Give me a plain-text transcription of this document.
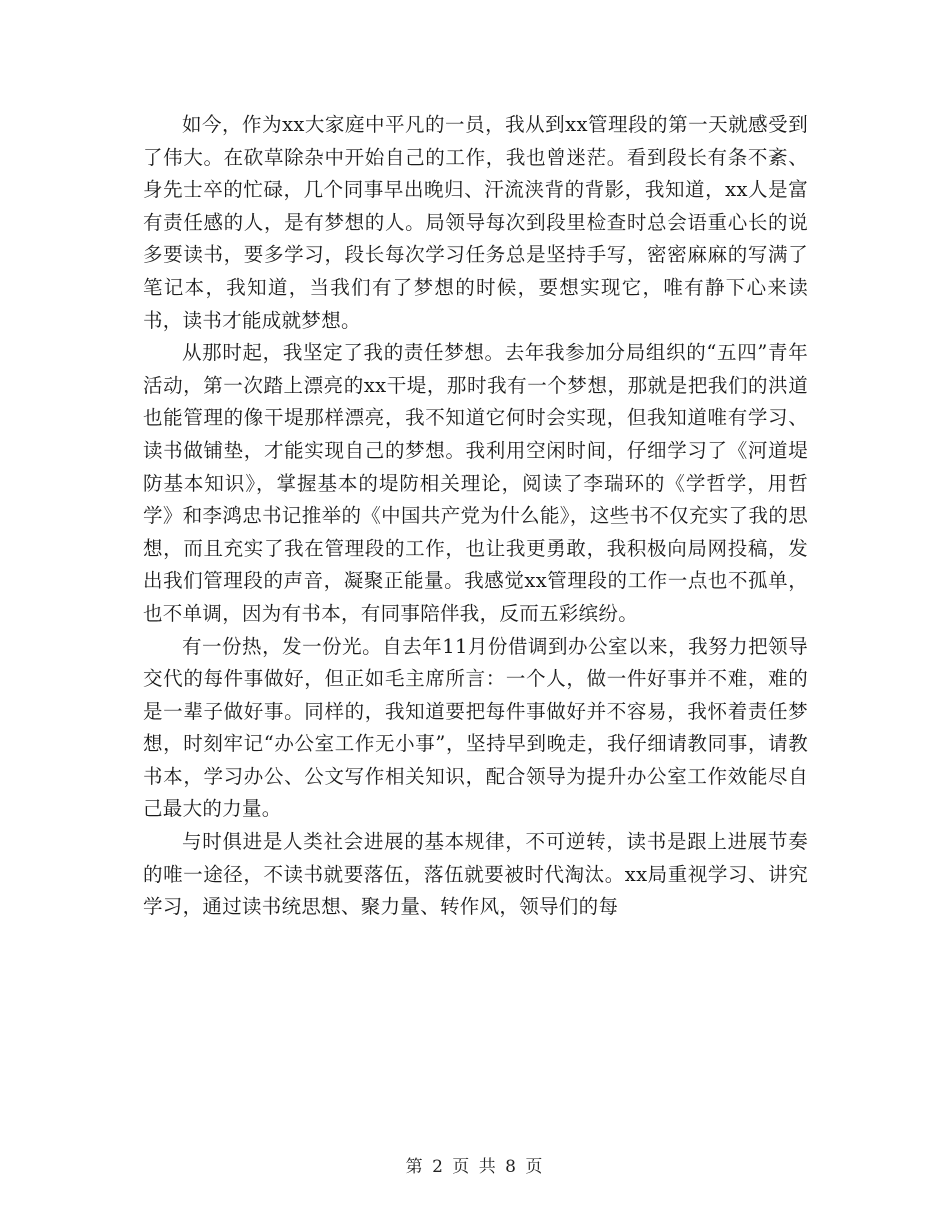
如今，作为xx大家庭中平凡的一员，我从到xx管理段的第一天就感受到了伟大。在砍草除杂中开始自己的工作，我也曾迷茫。看到段长有条不紊、身先士卒的忙碌，几个同事早出晚归、汗流浃背的背影，我知道，xx人是富有责任感的人，是有梦想的人。局领导每次到段里检查时总会语重心长的说多要读书，要多学习，段长每次学习任务总是坚持手写，密密麻麻的写满了笔记本，我知道，当我们有了梦想的时候，要想实现它，唯有静下心来读书，读书才能成就梦想。

从那时起，我坚定了我的责任梦想。去年我参加分局组织的“五四”青年活动，第一次踏上漂亮的xx干堤，那时我有一个梦想，那就是把我们的洪道也能管理的像干堤那样漂亮，我不知道它何时会实现，但我知道唯有学习、读书做铺垫，才能实现自己的梦想。我利用空闲时间，仔细学习了《河道堤防基本知识》，掌握基本的堤防相关理论，阅读了李瑞环的《学哲学，用哲学》和李鸿忠书记推举的《中国共产党为什么能》，这些书不仅充实了我的思想，而且充实了我在管理段的工作，也让我更勇敢，我积极向局网投稿，发出我们管理段的声音，凝聚正能量。我感觉xx管理段的工作一点也不孤单，也不单调，因为有书本，有同事陪伴我，反而五彩缤纷。

有一份热，发一份光。自去年11月份借调到办公室以来，我努力把领导交代的每件事做好，但正如毛主席所言：一个人，做一件好事并不难，难的是一辈子做好事。同样的，我知道要把每件事做好并不容易，我怀着责任梦想，时刻牢记“办公室工作无小事”，坚持早到晚走，我仔细请教同事，请教书本，学习办公、公文写作相关知识，配合领导为提升办公室工作效能尽自己最大的力量。

与时俱进是人类社会进展的基本规律，不可逆转，读书是跟上进展节奏的唯一途径，不读书就要落伍，落伍就要被时代淘汰。xx局重视学习、讲究学习，通过读书统思想、聚力量、转作风，领导们的每

第 2 页 共 8 页
